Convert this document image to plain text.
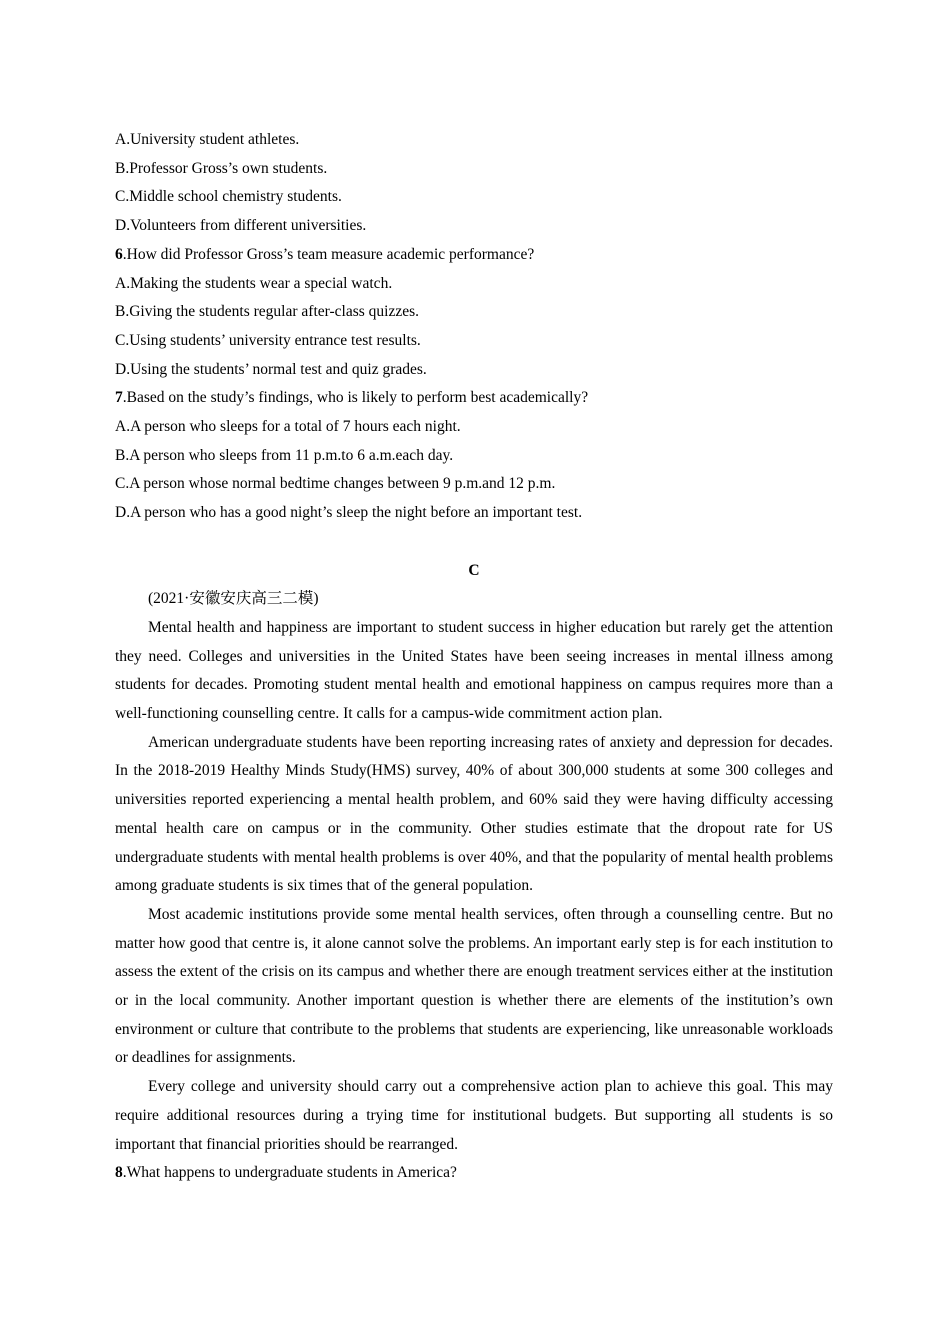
A.University student athletes.

B.Professor Gross’s own students.

C.Middle school chemistry students.

D.Volunteers from different universities.

6.How did Professor Gross’s team measure academic performance?

A.Making the students wear a special watch.

B.Giving the students regular after-class quizzes.

C.Using students’ university entrance test results.

D.Using the students’ normal test and quiz grades.

7.Based on the study’s findings, who is likely to perform best academically?

A.A person who sleeps for a total of 7 hours each night.

B.A person who sleeps from 11 p.m.to 6 a.m.each day.

C.A person whose normal bedtime changes between 9 p.m.and 12 p.m.

D.A person who has a good night’s sleep the night before an important test.

C

(2021·安徽安庆高三二模)

Mental health and happiness are important to student success in higher education but rarely get the attention they need. Colleges and universities in the United States have been seeing increases in mental illness among students for decades. Promoting student mental health and emotional happiness on campus requires more than a well-functioning counselling centre. It calls for a campus-wide commitment action plan.

American undergraduate students have been reporting increasing rates of anxiety and depression for decades. In the 2018-2019 Healthy Minds Study(HMS) survey, 40% of about 300,000 students at some 300 colleges and universities reported experiencing a mental health problem, and 60% said they were having difficulty accessing mental health care on campus or in the community. Other studies estimate that the dropout rate for US undergraduate students with mental health problems is over 40%, and that the popularity of mental health problems among graduate students is six times that of the general population.

Most academic institutions provide some mental health services, often through a counselling centre. But no matter how good that centre is, it alone cannot solve the problems. An important early step is for each institution to assess the extent of the crisis on its campus and whether there are enough treatment services either at the institution or in the local community. Another important question is whether there are elements of the institution’s own environment or culture that contribute to the problems that students are experiencing, like unreasonable workloads or deadlines for assignments.

Every college and university should carry out a comprehensive action plan to achieve this goal. This may require additional resources during a trying time for institutional budgets. But supporting all students is so important that financial priorities should be rearranged.

8.What happens to undergraduate students in America?
